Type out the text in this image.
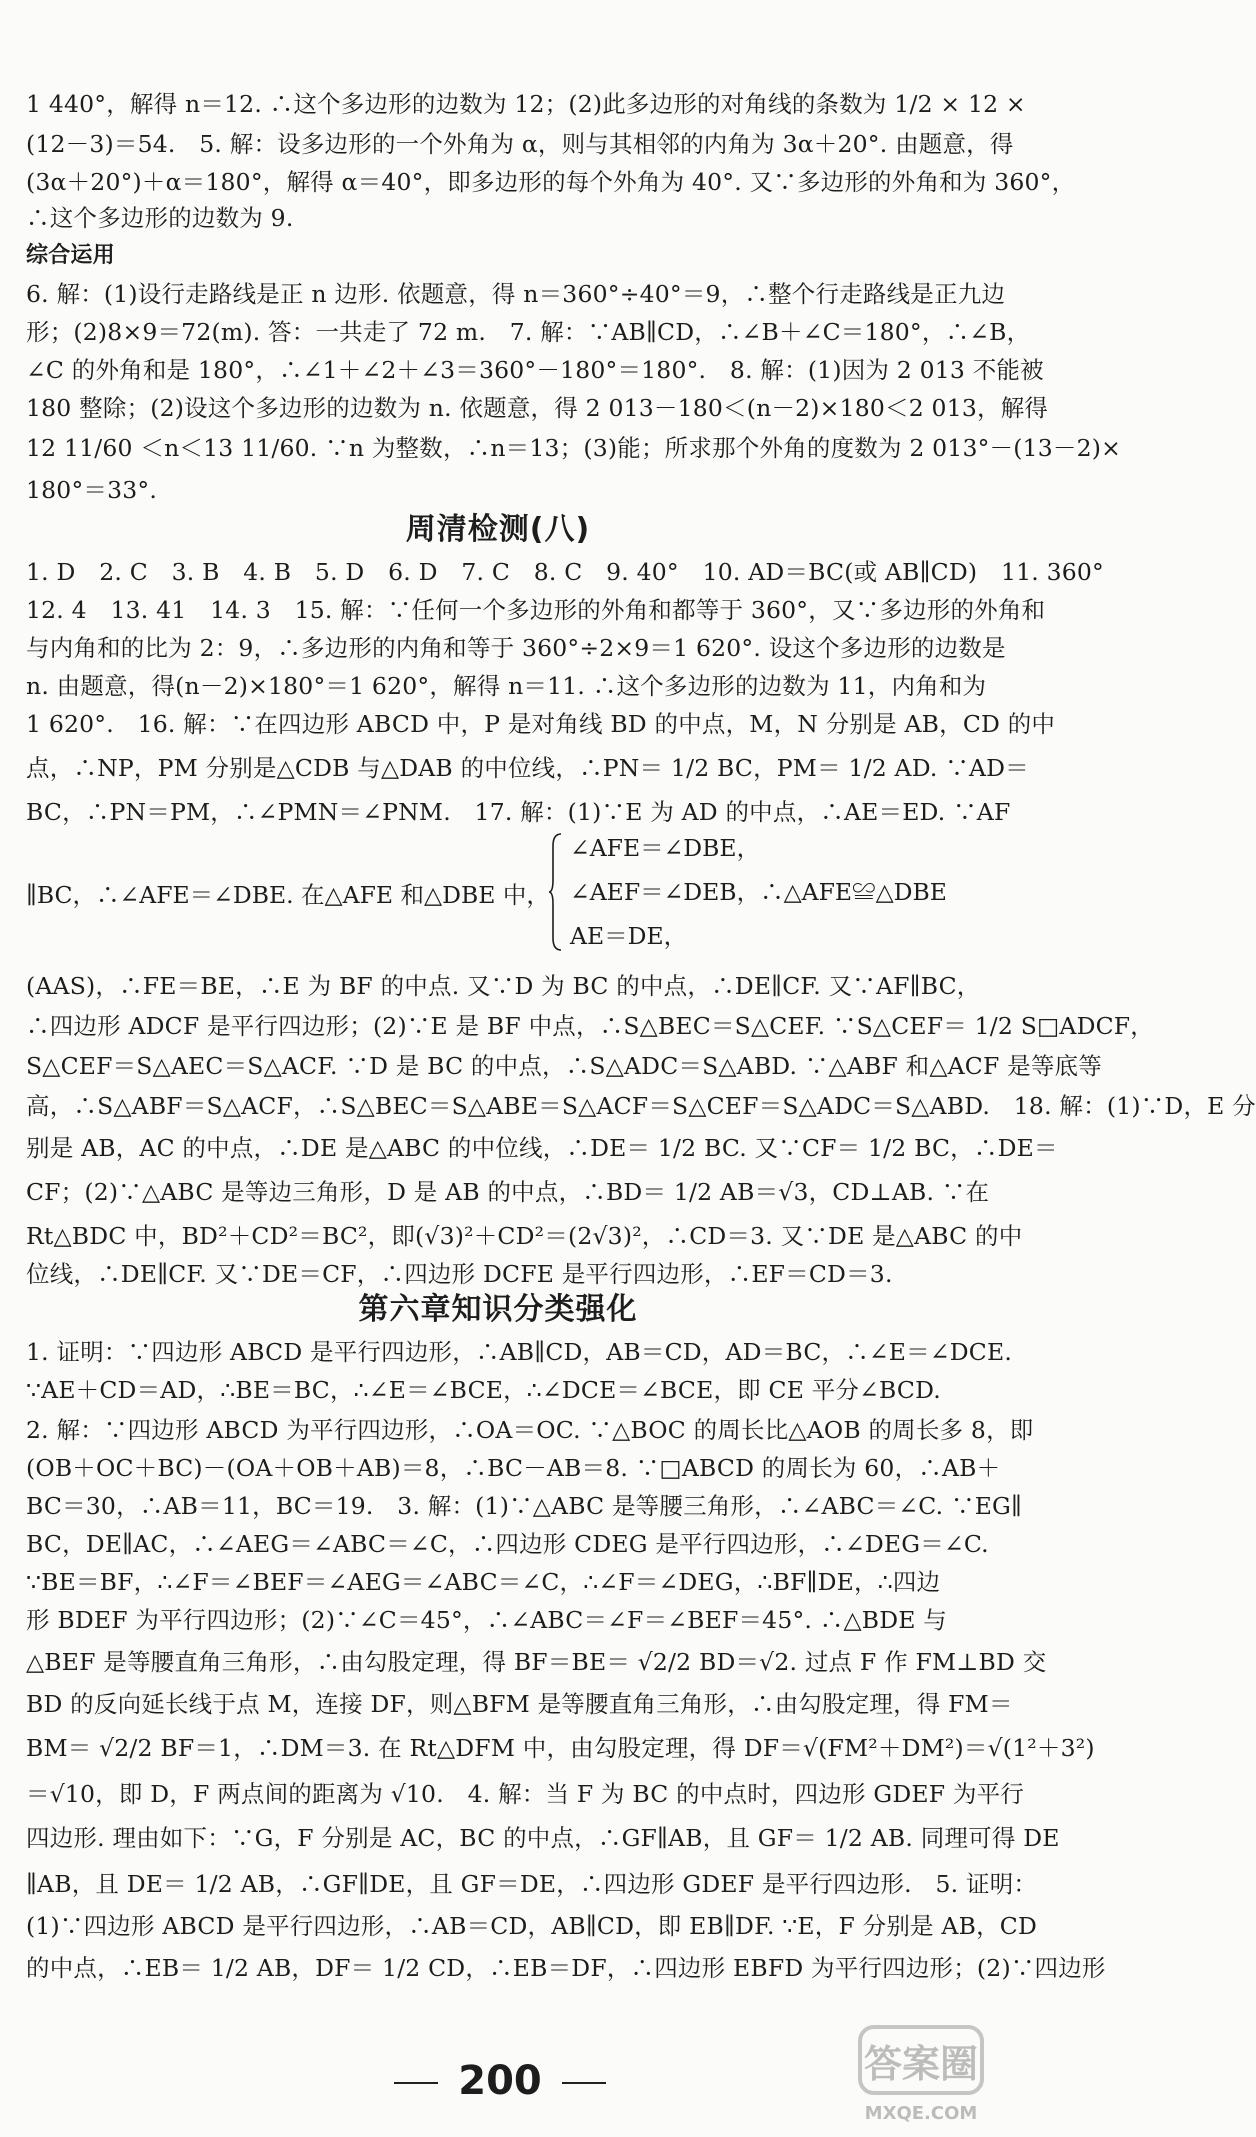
1 440°，解得 n＝12. ∴这个多边形的边数为 12；(2)此多边形的对角线的条数为 1/2 × 12 ×
(12－3)＝54.　5. 解：设多边形的一个外角为 α，则与其相邻的内角为 3α＋20°. 由题意，得
(3α＋20°)＋α＝180°，解得 α＝40°，即多边形的每个外角为 40°. 又∵多边形的外角和为 360°，
∴这个多边形的边数为 9.
综合运用
6. 解：(1)设行走路线是正 n 边形. 依题意，得 n＝360°÷40°＝9，∴整个行走路线是正九边
形；(2)8×9＝72(m). 答：一共走了 72 m.　7. 解：∵AB∥CD，∴∠B＋∠C＝180°，∴∠B，
∠C 的外角和是 180°，∴∠1＋∠2＋∠3＝360°－180°＝180°.　8. 解：(1)因为 2 013 不能被
180 整除；(2)设这个多边形的边数为 n. 依题意，得 2 013－180＜(n－2)×180＜2 013，解得
12 11/60 ＜n＜13 11/60. ∵n 为整数，∴n＝13；(3)能；所求那个外角的度数为 2 013°－(13－2)×
180°＝33°.
周清检测(八)
1. D　2. C　3. B　4. B　5. D　6. D　7. C　8. C　9. 40°　10. AD＝BC(或 AB∥CD)　11. 360°
12. 4　13. 41　14. 3　15. 解：∵任何一个多边形的外角和都等于 360°，又∵多边形的外角和
与内角和的比为 2：9，∴多边形的内角和等于 360°÷2×9＝1 620°. 设这个多边形的边数是
n. 由题意，得(n－2)×180°＝1 620°，解得 n＝11. ∴这个多边形的边数为 11，内角和为
1 620°.　16. 解：∵在四边形 ABCD 中，P 是对角线 BD 的中点，M，N 分别是 AB，CD 的中
点，∴NP，PM 分别是△CDB 与△DAB 的中位线，∴PN＝ 1/2 BC，PM＝ 1/2 AD. ∵AD＝
BC，∴PN＝PM，∴∠PMN＝∠PNM.　17. 解：(1)∵E 为 AD 的中点，∴AE＝ED. ∵AF
∥BC，∴∠AFE＝∠DBE. 在△AFE 和△DBE 中，
∠AFE＝∠DBE，
∠AEF＝∠DEB，∴△AFE≌△DBE
AE＝DE，
(AAS)，∴FE＝BE，∴E 为 BF 的中点. 又∵D 为 BC 的中点，∴DE∥CF. 又∵AF∥BC，
∴四边形 ADCF 是平行四边形；(2)∵E 是 BF 中点，∴S△BEC＝S△CEF. ∵S△CEF＝ 1/2 S□ADCF，
S△CEF＝S△AEC＝S△ACF. ∵D 是 BC 的中点，∴S△ADC＝S△ABD. ∵△ABF 和△ACF 是等底等
高，∴S△ABF＝S△ACF，∴S△BEC＝S△ABE＝S△ACF＝S△CEF＝S△ADC＝S△ABD.　18. 解：(1)∵D，E 分
别是 AB，AC 的中点，∴DE 是△ABC 的中位线，∴DE＝ 1/2 BC. 又∵CF＝ 1/2 BC，∴DE＝
CF；(2)∵△ABC 是等边三角形，D 是 AB 的中点，∴BD＝ 1/2 AB＝√3，CD⊥AB. ∵在
Rt△BDC 中，BD²＋CD²＝BC²，即(√3)²＋CD²＝(2√3)²，∴CD＝3. 又∵DE 是△ABC 的中
位线，∴DE∥CF. 又∵DE＝CF，∴四边形 DCFE 是平行四边形，∴EF＝CD＝3.
第六章知识分类强化
1. 证明：∵四边形 ABCD 是平行四边形，∴AB∥CD，AB＝CD，AD＝BC，∴∠E＝∠DCE.
∵AE＋CD＝AD，∴BE＝BC，∴∠E＝∠BCE，∴∠DCE＝∠BCE，即 CE 平分∠BCD.
2. 解：∵四边形 ABCD 为平行四边形，∴OA＝OC. ∵△BOC 的周长比△AOB 的周长多 8，即
(OB＋OC＋BC)－(OA＋OB＋AB)＝8，∴BC－AB＝8. ∵□ABCD 的周长为 60，∴AB＋
BC＝30，∴AB＝11，BC＝19.　3. 解：(1)∵△ABC 是等腰三角形，∴∠ABC＝∠C. ∵EG∥
BC，DE∥AC，∴∠AEG＝∠ABC＝∠C，∴四边形 CDEG 是平行四边形，∴∠DEG＝∠C.
∵BE＝BF，∴∠F＝∠BEF＝∠AEG＝∠ABC＝∠C，∴∠F＝∠DEG，∴BF∥DE，∴四边
形 BDEF 为平行四边形；(2)∵∠C＝45°，∴∠ABC＝∠F＝∠BEF＝45°. ∴△BDE 与
△BEF 是等腰直角三角形，∴由勾股定理，得 BF＝BE＝ √2/2 BD＝√2. 过点 F 作 FM⊥BD 交
BD 的反向延长线于点 M，连接 DF，则△BFM 是等腰直角三角形，∴由勾股定理，得 FM＝
BM＝ √2/2 BF＝1，∴DM＝3. 在 Rt△DFM 中，由勾股定理，得 DF＝√(FM²＋DM²)＝√(1²＋3²)
＝√10，即 D，F 两点间的距离为 √10.　4. 解：当 F 为 BC 的中点时，四边形 GDEF 为平行
四边形. 理由如下：∵G，F 分别是 AC，BC 的中点，∴GF∥AB，且 GF＝ 1/2 AB. 同理可得 DE
∥AB，且 DE＝ 1/2 AB，∴GF∥DE，且 GF＝DE，∴四边形 GDEF 是平行四边形.　5. 证明：
(1)∵四边形 ABCD 是平行四边形，∴AB＝CD，AB∥CD，即 EB∥DF. ∵E，F 分别是 AB，CD
的中点，∴EB＝ 1/2 AB，DF＝ 1/2 CD，∴EB＝DF，∴四边形 EBFD 为平行四边形；(2)∵四边形
200	答案圈
MXQE.COM
